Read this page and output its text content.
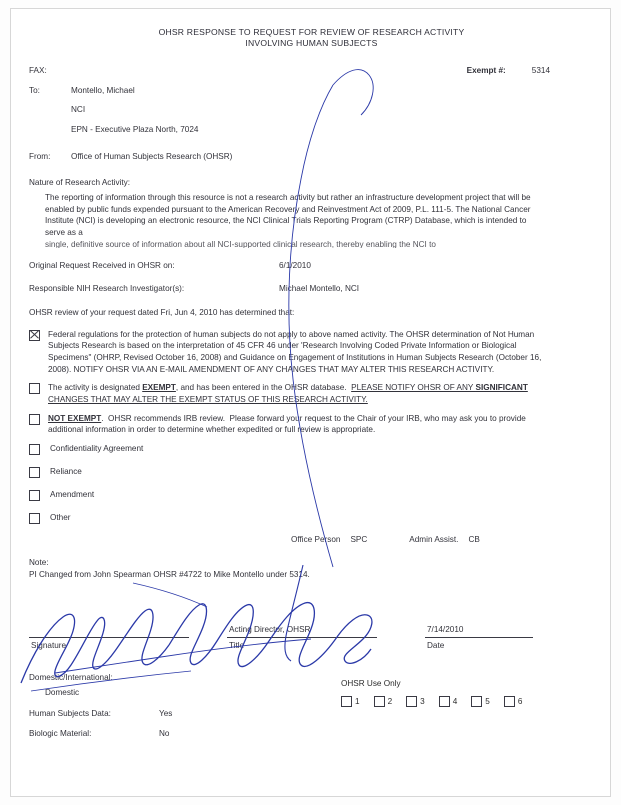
OHSR RESPONSE TO REQUEST FOR REVIEW OF RESEARCH ACTIVITY
INVOLVING HUMAN SUBJECTS
FAX:	Exempt #:	5314
To:	Montello, Michael
NCI
EPN - Executive Plaza North, 7024
From:	Office of Human Subjects Research (OHSR)
Nature of Research Activity:
The reporting of information through this resource is not a research activity but rather an infrastructure development project that will be enabled by public funds expended pursuant to the American Recovery and Reinvestment Act of 2009, P.L. 111-5. The National Cancer Institute (NCI) is developing an electronic resource, the NCI Clinical Trials Reporting Program (CTRP) Database, which is intended to serve as a
single, definitive source of information about all NCI-supported clinical research, thereby enabling the NCI to
Original Request Received in OHSR on:	6/1/2010
Responsible NIH Research Investigator(s):	Michael Montello, NCI
OHSR review of your request dated Fri, Jun 4, 2010 has determined that:
Federal regulations for the protection of human subjects do not apply to above named activity. The OHSR determination of Not Human Subjects Research is based on the interpretation of 45 CFR 46 under 'Research Involving Coded Private Information or Biological Specimens" (OHRP, Revised October 16, 2008) and Guidance on Engagement of Institutions in Human Subjects Research (October 16, 2008). NOTIFY OHSR VIA AN E-MAIL AMENDMENT OF ANY CHANGES THAT MAY ALTER THIS RESEARCH ACTIVITY.
The activity is designated EXEMPT, and has been entered in the OHSR database.  PLEASE NOTIFY OHSR OF ANY SIGNIFICANT CHANGES THAT MAY ALTER THE EXEMPT STATUS OF THIS RESEARCH ACTIVITY.
NOT EXEMPT.  OHSR recommends IRB review.  Please forward your request to the Chair of your IRB, who may ask you to provide additional information in order to determine whether expedited or full review is appropriate.
Confidentiality Agreement
Reliance
Amendment
Other
Office Person SPC	Admin Assist. CB
Note:
PI Changed from John Spearman OHSR #4722 to Mike Montello under 5314.
Signature	Title	Date
Acting Director, OHSR	7/14/2010
Domestic/International:
Domestic
Human Subjects Data:	Yes
Biologic Material:	No
OHSR Use Only
1	2	3	4	5	6
